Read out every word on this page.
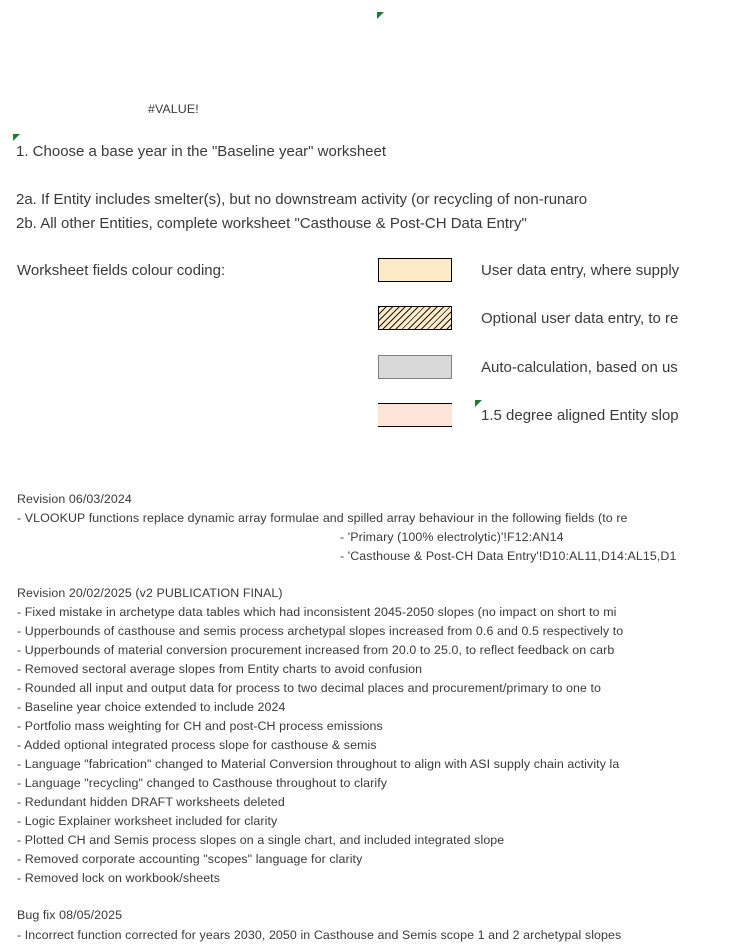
#VALUE!
1. Choose a base year in the "Baseline year" worksheet
2a. If Entity includes smelter(s), but no downstream activity (or recycling of non-runaro
2b. All other Entities, complete worksheet "Casthouse & Post-CH Data Entry"
Worksheet fields colour coding:	User data entry, where supply
Optional user data entry, to re
Auto-calculation, based on us
1.5 degree aligned Entity slop
Revision 06/03/2024
- VLOOKUP functions replace dynamic array formulae and spilled array behaviour in the following fields (to re
- 'Primary (100% electrolytic)'!F12:AN14
- 'Casthouse & Post-CH Data Entry'!D10:AL11,D14:AL15,D1
Revision 20/02/2025 (v2 PUBLICATION FINAL)
- Fixed mistake in archetype data tables which had inconsistent 2045-2050 slopes (no impact on short to mi
- Upperbounds of casthouse and semis process archetypal slopes increased from 0.6 and 0.5 respectively to
- Upperbounds of material conversion procurement increased from 20.0 to 25.0, to reflect feedback on carb
- Removed sectoral average slopes from Entity charts to avoid confusion
- Rounded all input and output data for process to two decimal places and procurement/primary to one to
- Baseline year choice extended to include 2024
- Portfolio mass weighting for CH and post-CH process emissions
- Added optional integrated process slope for casthouse & semis
- Language "fabrication" changed to Material Conversion throughout to align with ASI supply chain activity la
- Language "recycling" changed to Casthouse throughout to clarify
- Redundant hidden DRAFT worksheets deleted
- Logic Explainer worksheet included for clarity
- Plotted CH and Semis process slopes on a single chart, and included integrated slope
- Removed corporate accounting "scopes" language for clarity
- Removed lock on workbook/sheets
Bug fix 08/05/2025
- Incorrect function corrected for years 2030, 2050 in Casthouse and Semis scope 1 and 2 archetypal slopes
